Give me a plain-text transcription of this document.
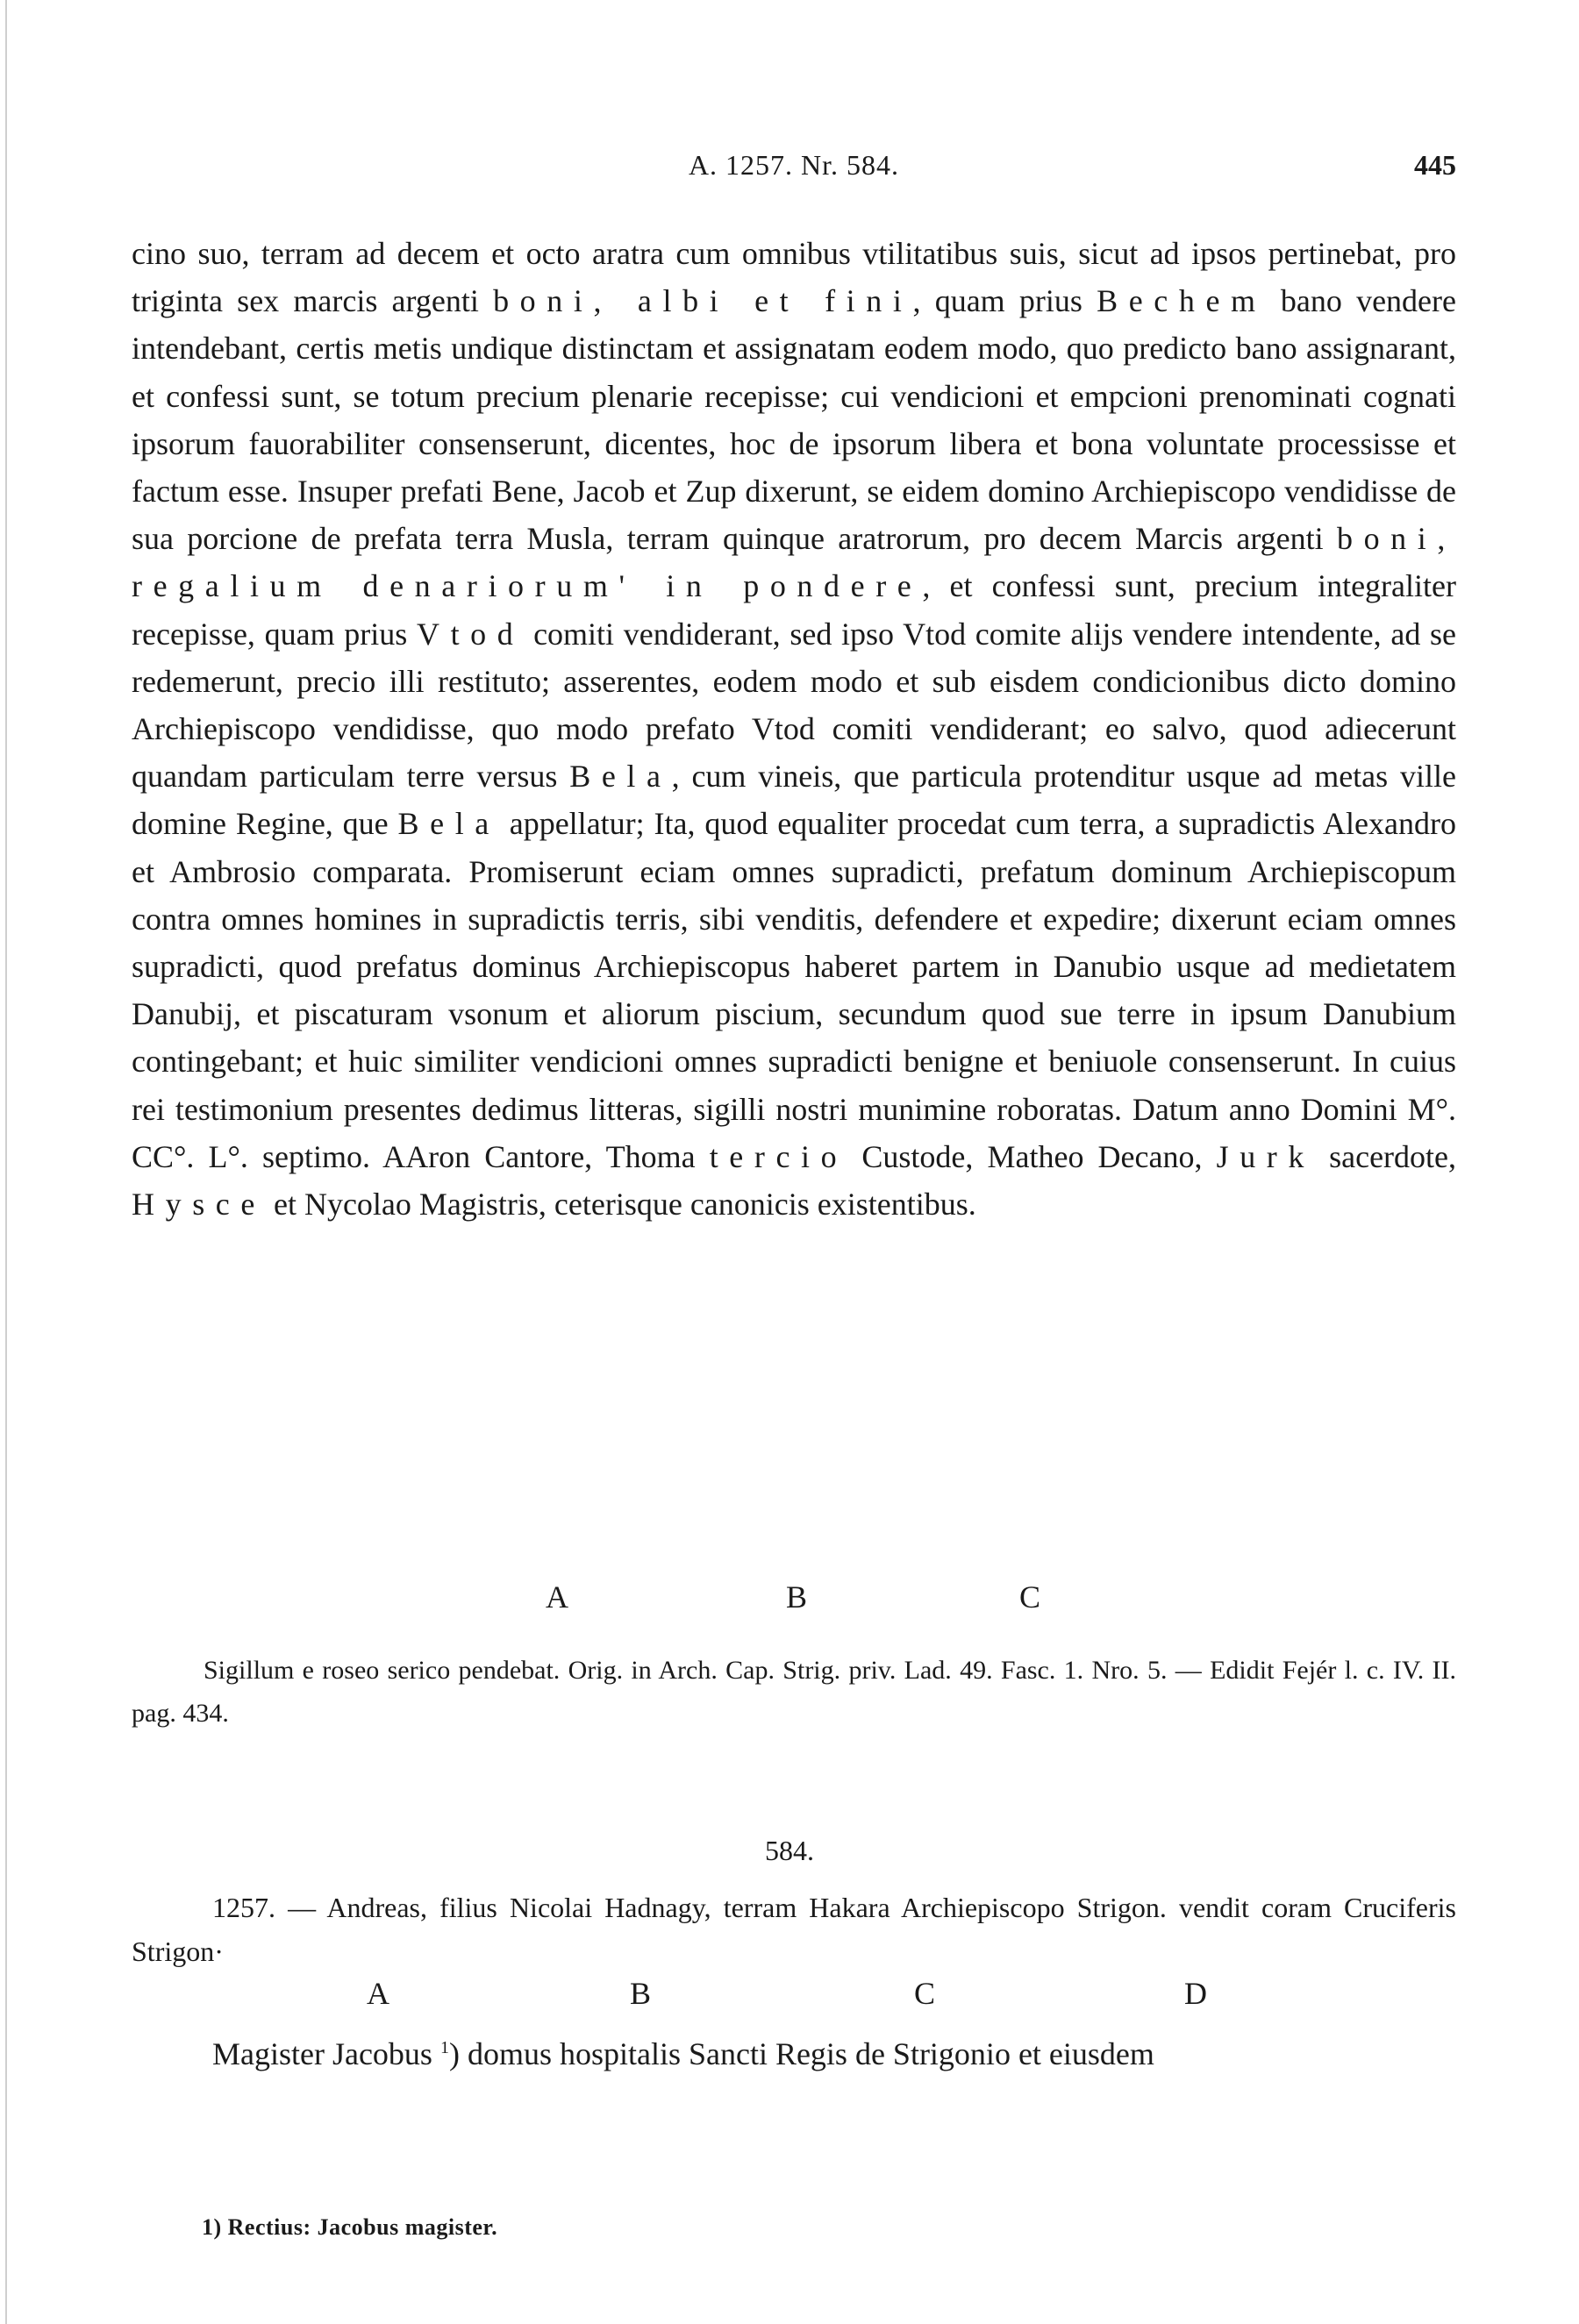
A. 1257. Nr. 584.	445

cino suo, terram ad decem et octo aratra cum omnibus vtilitatibus suis, sicut ad ipsos pertinebat, pro triginta sex marcis argenti boni, albi et fini, quam prius Bechem bano vendere intendebant, certis metis undique distinctam et assignatam eodem modo, quo predicto bano assignarant, et confessi sunt, se totum precium plenarie recepisse; cui vendicioni et empcioni prenominati cognati ipsorum fauorabiliter consenserunt, dicentes, hoc de ipsorum libera et bona voluntate processisse et factum esse. Insuper prefati Bene, Jacob et Zup dixerunt, se eidem domino Archiepiscopo vendidisse de sua porcione de prefata terra Musla, terram quinque aratrorum, pro decem Marcis argenti boni, regalium denariorum' in pondere, et confessi sunt, precium integraliter recepisse, quam prius Vtod comiti vendiderant, sed ipso Vtod comite alijs vendere intendente, ad se redemerunt, precio illi restituto; asserentes, eodem modo et sub eisdem condicionibus dicto domino Archiepiscopo vendidisse, quo modo prefato Vtod comiti vendiderant; eo salvo, quod adiecerunt quandam particulam terre versus Bela, cum vineis, que particula protenditur usque ad metas ville domine Regine, que Bela appellatur; Ita, quod equaliter procedat cum terra, a supradictis Alexandro et Ambrosio comparata. Promiserunt eciam omnes supradicti, prefatum dominum Archiepiscopum contra omnes homines in supradictis terris, sibi venditis, defendere et expedire; dixerunt eciam omnes supradicti, quod prefatus dominus Archiepiscopus haberet partem in Danubio usque ad medietatem Danubij, et piscaturam vsonum et aliorum piscium, secundum quod sue terre in ipsum Danubium contingebant; et huic similiter vendicioni omnes supradicti benigne et beniuole consenserunt. In cuius rei testimonium presentes dedimus litteras, sigilli nostri munimine roboratas. Datum anno Domini M°. CC°. L°. septimo. AAron Cantore, Thoma tercio Custode, Matheo Decano, Jurk sacerdote, Hysce et Nycolao Magistris, ceterisque canonicis existentibus.

A	B	C

Sigillum e roseo serico pendebat. Orig. in Arch. Cap. Strig. priv. Lad. 49. Fasc. 1. Nro. 5. — Edidit Fejér l. c. IV. II. pag. 434.

584.

1257. — Andreas, filius Nicolai Hadnagy, terram Hakara Archiepiscopo Strigon. vendit coram Cruciferis Strigon·

A	B	C	D

Magister Jacobus $^1$) domus hospitalis Sancti Regis de Strigonio et eiusdem

1) Rectius: Jacobus magister.
